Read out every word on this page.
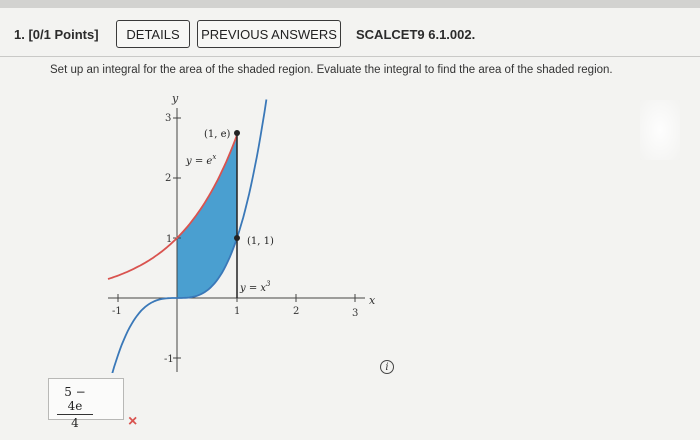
1. [0/1 Points]	DETAILS	PREVIOUS ANSWERS	SCALCET9 6.1.002.
Set up an integral for the area of the shaded region. Evaluate the integral to find the area of the shaded region.
-1	1	2	3
3
2
1
-1
y
x
(1, e)
(1, 1)
$y = e^x$
$y = x^3$
i
$\frac{5 - 4e}{4}$ ×
